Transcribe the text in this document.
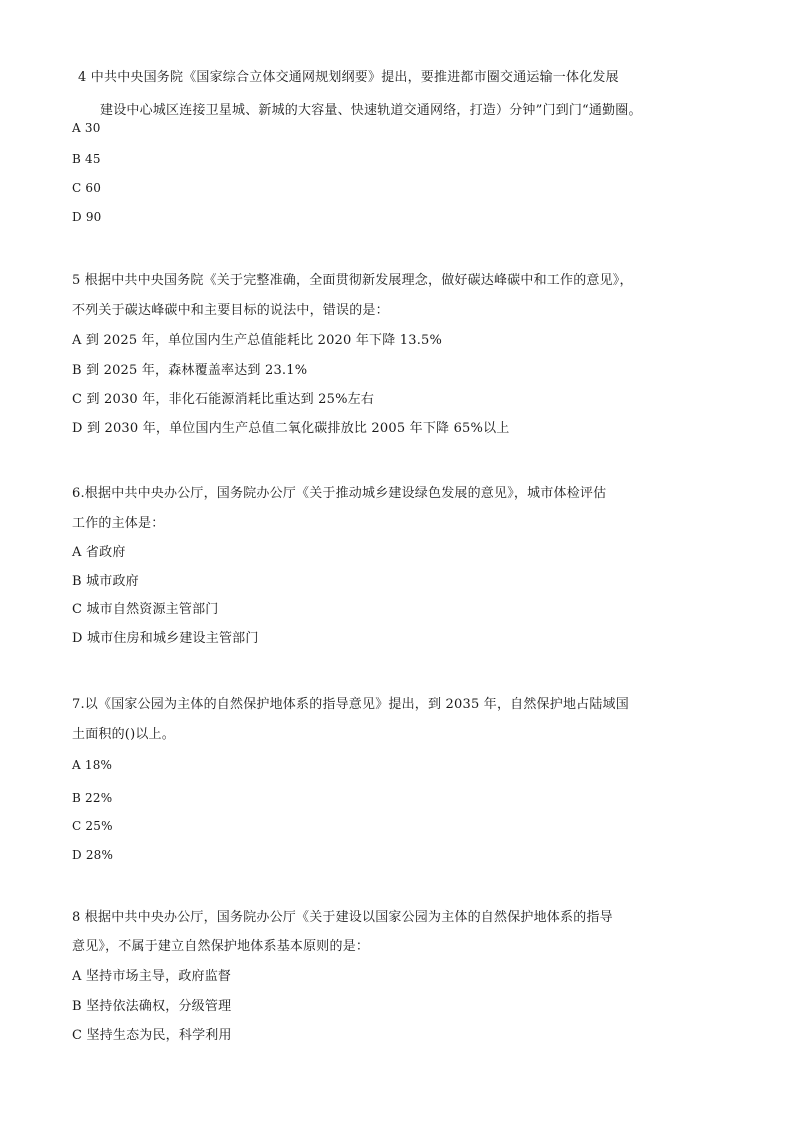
4 中共中央国务院《国家综合立体交通网规划纲要》提出，要推进都市圈交通运输一体化发展
建设中心城区连接卫星城、新城的大容量、快速轨道交通网络，打造）分钟”门到门“通勤圈。
A 30
B 45
C 60
D 90
5 根据中共中央国务院《关于完整准确，全面贯彻新发展理念，做好碳达峰碳中和工作的意见》，
不列关于碳达峰碳中和主要目标的说法中，错误的是：
A 到 2025 年，单位国内生产总值能耗比 2020 年下降 13.5%
B 到 2025 年，森林覆盖率达到 23.1%
C 到 2030 年，非化石能源消耗比重达到 25%左右
D 到 2030 年，单位国内生产总值二氧化碳排放比 2005 年下降 65%以上
6.根据中共中央办公厅，国务院办公厅《关于推动城乡建设绿色发展的意见》，城市体检评估
工作的主体是：
A 省政府
B 城市政府
C 城市自然资源主管部门
D 城市住房和城乡建设主管部门
7.以《国家公园为主体的自然保护地体系的指导意见》提出，到 2035 年，自然保护地占陆域国
土面积的()以上。
A 18%
B 22%
C 25%
D 28%
8 根据中共中央办公厅，国务院办公厅《关于建设以国家公园为主体的自然保护地体系的指导
意见》，不属于建立自然保护地体系基本原则的是：
A 坚持市场主导，政府监督
B 坚持依法确权，分级管理
C 坚持生态为民，科学利用
